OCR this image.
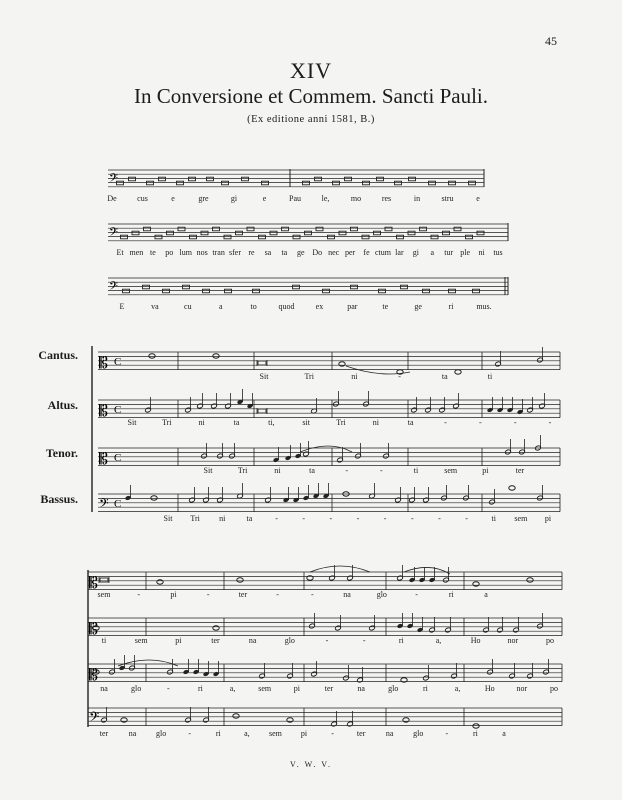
45
XIV
In Conversione et Commem. Sancti Pauli.
(Ex editione anni 1581, B.)
𝄢
𝄢
𝄢
𝄡 C
𝄡 C
𝄡 C
𝄢 C
𝄡
𝄡
𝄡
𝄢
Cantus.
Altus.
Tenor.
Bassus.
De	cus	e	gre	gi	e	Pau	le,	mo	res	in	stru	e
Et men te po lum nos tran sfer re sa ta ge Do nec per fe ctum lar gi a tur ple ni tus
E	va	cu	a	to	quod	ex	par	te	ge	ri	mus.
Sit	Tri	ni	-	ta	ti
Sit	Tri	ni	ta	ti,	sit	Tri	ni	ta	-	-	-	-
Sit	Tri	ni	ta	-	-	ti	sem	pi	ter
Sit Tri ni	ta	-	-	-	-	-	-	-	-	ti sem pi
sem	-	pi	-	ter	-	-	na	glo	-	ri	a
ti	sem	pi	ter	na	glo	-	-	ri	a,	Ho	nor	po
na	glo	-	ri	a,	sem	pi	ter	na	glo	ri	a,	Ho	nor	po
ter	na glo	-	ri	a, sem pi	-	ter	na glo	-	ri	a
V. W. V.
